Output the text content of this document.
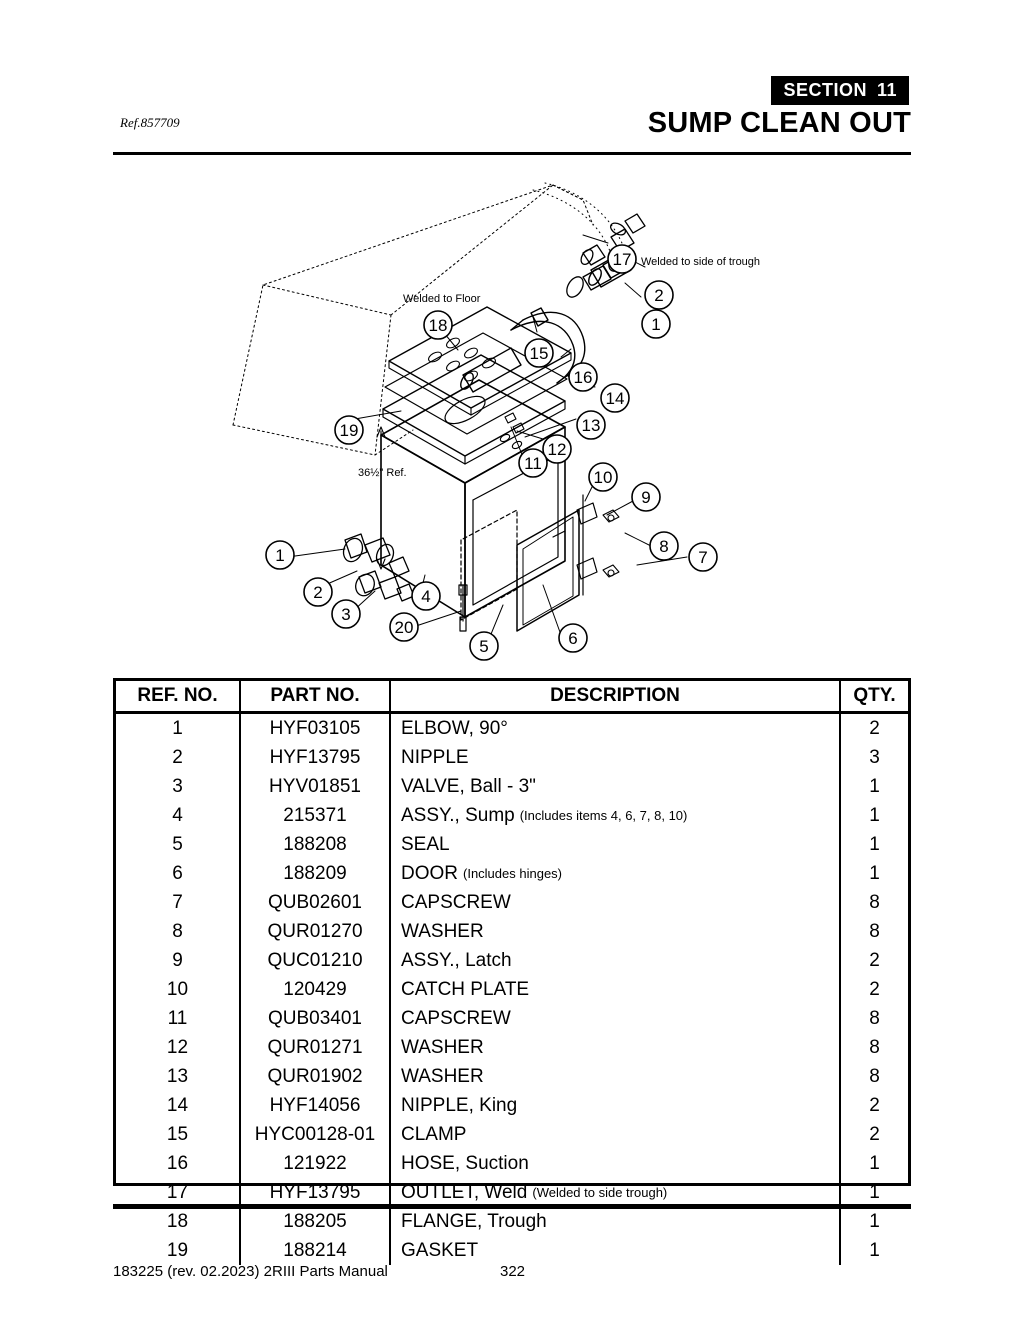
SECTION 11
Ref.857709	SUMP CLEAN OUT
17
2
1
18
15
16
14
19	13
12
11
10
9
8
7
1
2
3
4
20
5	6
Welded to side of trough
Welded to Floor
36½" Ref.
REF. NO.	PART NO.	DESCRIPTION	QTY.
1	HYF03105	ELBOW, 90°	2
2	HYF13795	NIPPLE	3
3	HYV01851	VALVE, Ball - 3"	1
4	215371	ASSY., Sump (Includes items 4, 6, 7, 8, 10)	1
5	188208	SEAL	1
6	188209	DOOR (Includes hinges)	1
7	QUB02601	CAPSCREW	8
8	QUR01270	WASHER	8
9	QUC01210	ASSY., Latch	2
10	120429	CATCH PLATE	2
11	QUB03401	CAPSCREW	8
12	QUR01271	WASHER	8
13	QUR01902	WASHER	8
14	HYF14056	NIPPLE, King	2
15	HYC00128-01	CLAMP	2
16	121922	HOSE, Suction	1
17	HYF13795	OUTLET, Weld (Welded to side trough)	1
18	188205	FLANGE, Trough	1
19	188214	GASKET	1
183225 (rev. 02.2023) 2RIII Parts Manual	322
